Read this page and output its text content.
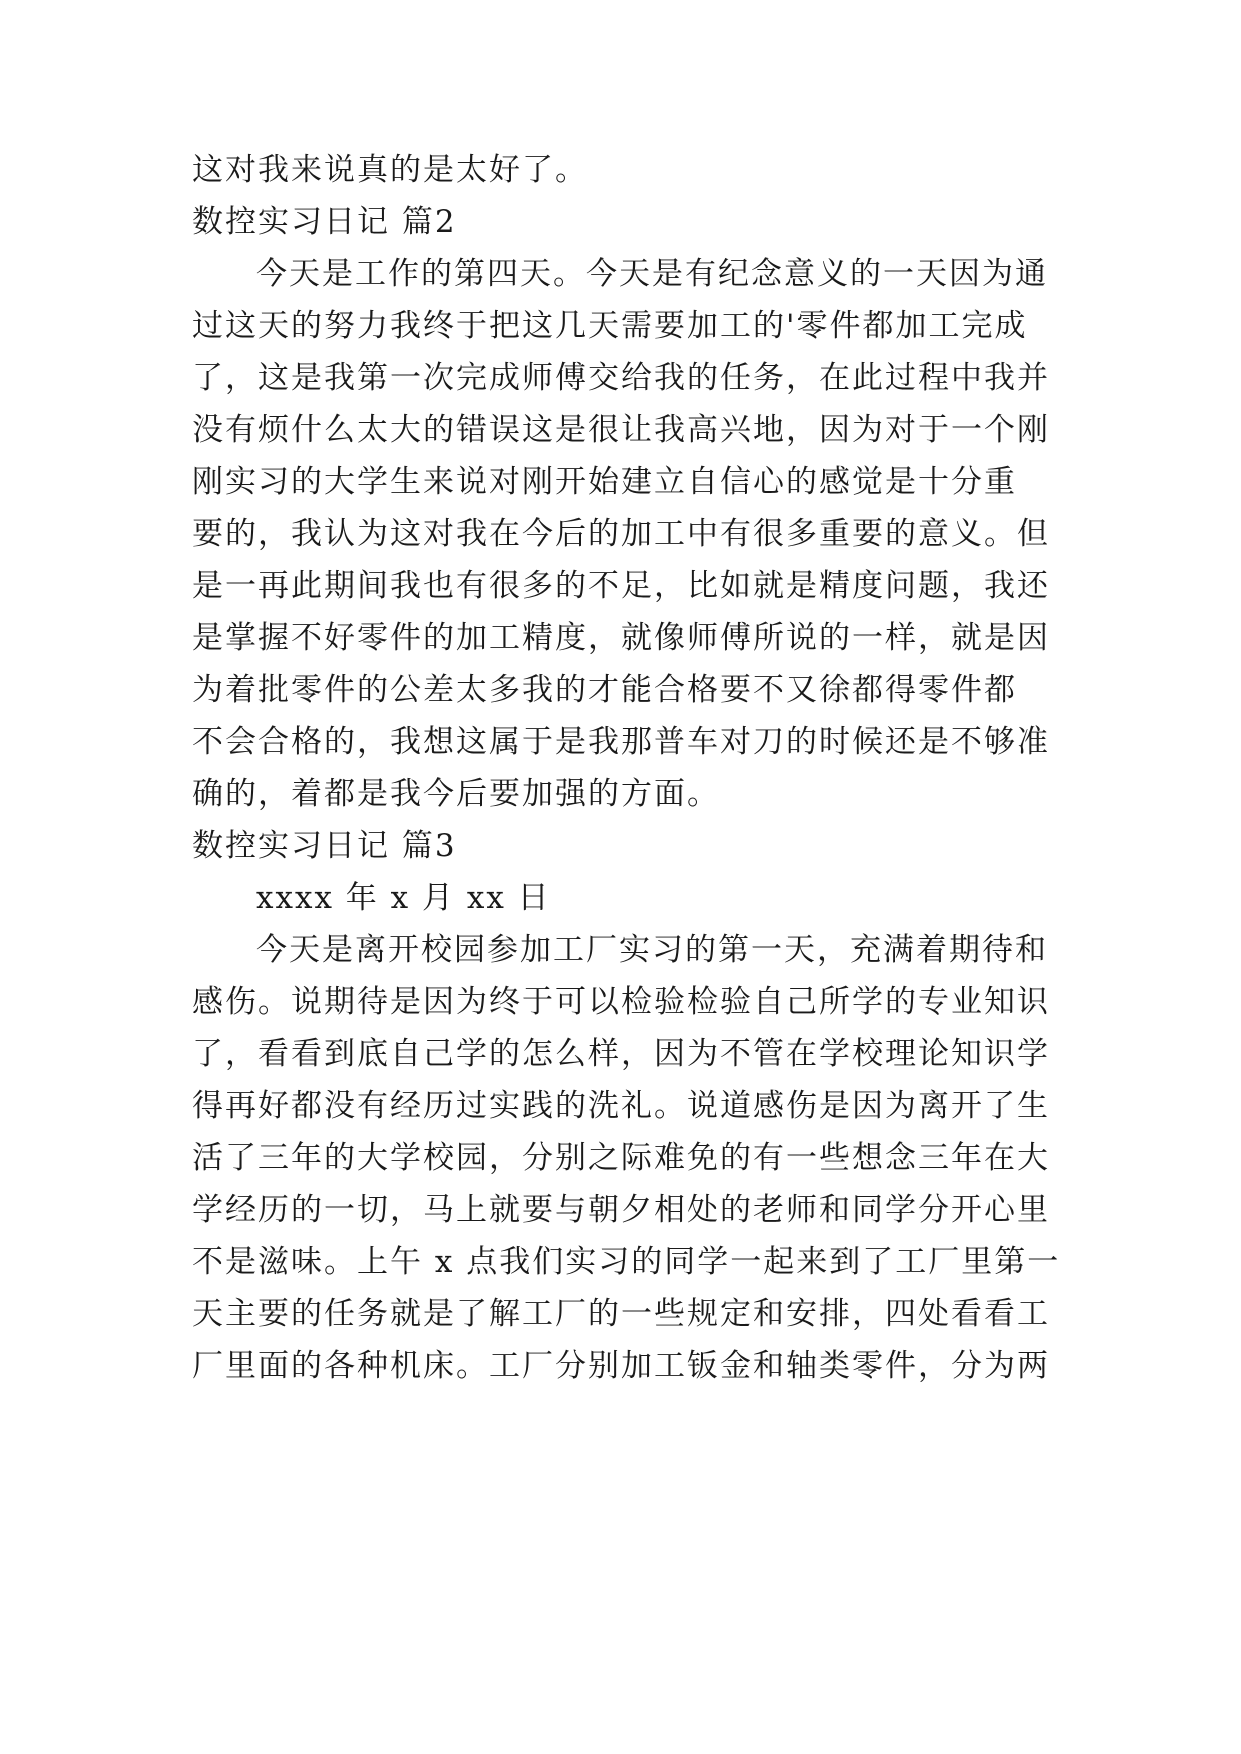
这对我来说真的是太好了。
数控实习日记 篇2
今天是工作的第四天。今天是有纪念意义的一天因为通
过这天的努力我终于把这几天需要加工的'零件都加工完成
了，这是我第一次完成师傅交给我的任务，在此过程中我并
没有烦什么太大的错误这是很让我高兴地，因为对于一个刚
刚实习的大学生来说对刚开始建立自信心的感觉是十分重
要的，我认为这对我在今后的加工中有很多重要的意义。但
是一再此期间我也有很多的不足，比如就是精度问题，我还
是掌握不好零件的加工精度，就像师傅所说的一样，就是因
为着批零件的公差太多我的才能合格要不又徐都得零件都
不会合格的，我想这属于是我那普车对刀的时候还是不够准
确的，着都是我今后要加强的方面。
数控实习日记 篇3
xxxx 年 x 月 xx 日
今天是离开校园参加工厂实习的第一天，充满着期待和
感伤。说期待是因为终于可以检验检验自己所学的专业知识
了，看看到底自己学的怎么样，因为不管在学校理论知识学
得再好都没有经历过实践的洗礼。说道感伤是因为离开了生
活了三年的大学校园，分别之际难免的有一些想念三年在大
学经历的一切，马上就要与朝夕相处的老师和同学分开心里
不是滋味。上午 x 点我们实习的同学一起来到了工厂里第一
天主要的任务就是了解工厂的一些规定和安排，四处看看工
厂里面的各种机床。工厂分别加工钣金和轴类零件，分为两
